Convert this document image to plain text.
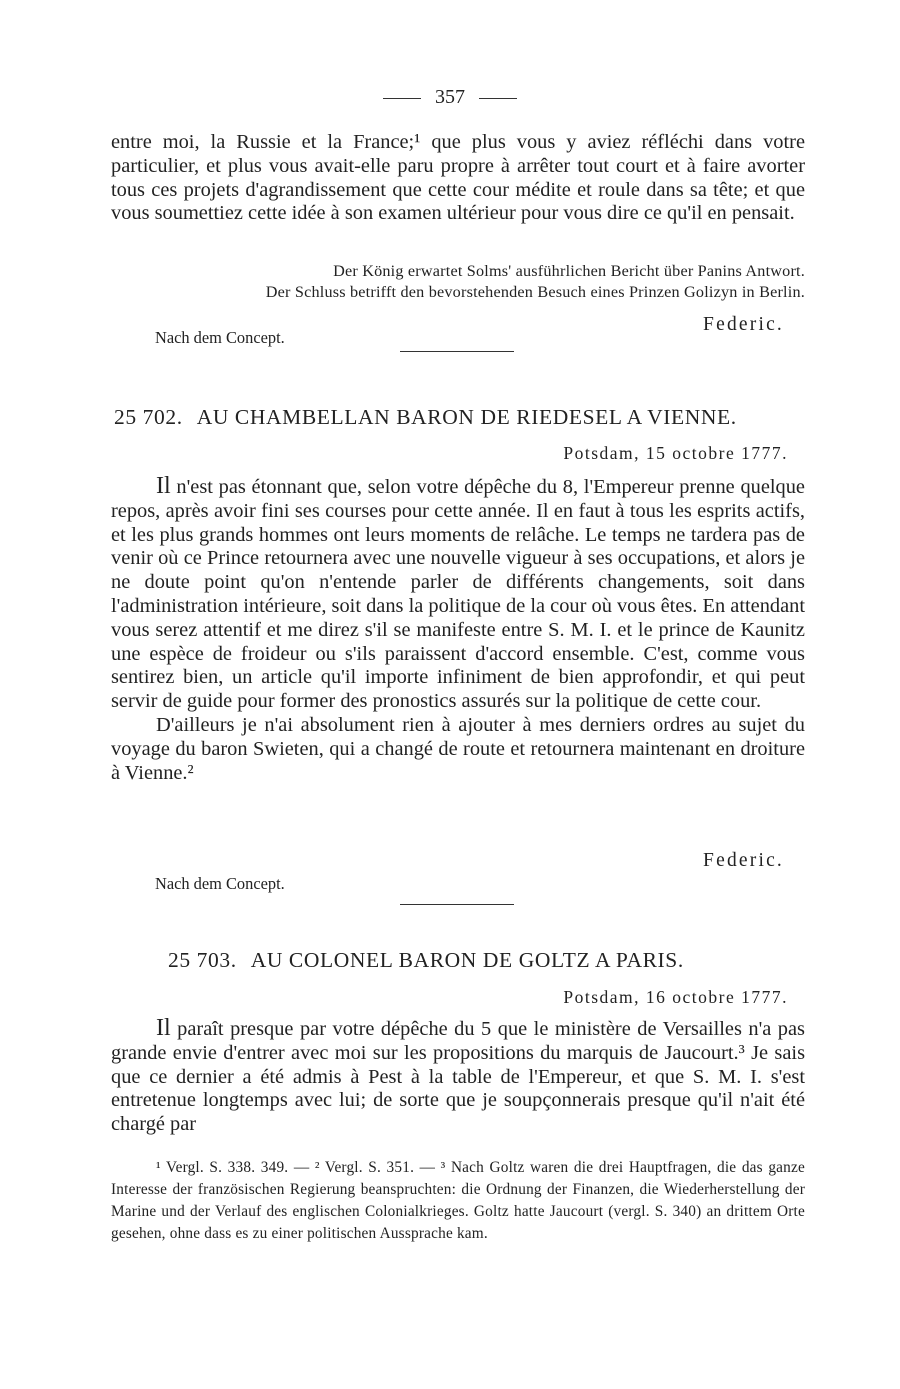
357

entre moi, la Russie et la France;¹ que plus vous y aviez réfléchi dans votre particulier, et plus vous avait-elle paru propre à arrêter tout court et à faire avorter tous ces projets d'agrandissement que cette cour médite et roule dans sa tête; et que vous soumettiez cette idée à son examen ultérieur pour vous dire ce qu'il en pensait.

Der König erwartet Solms' ausführlichen Bericht über Panins Antwort.
Der Schluss betrifft den bevorstehenden Besuch eines Prinzen Golizyn in Berlin.
Federic.
Nach dem Concept.
25 702. AU CHAMBELLAN BARON DE RIEDESEL A VIENNE.
Potsdam, 15 octobre 1777.

Il n'est pas étonnant que, selon votre dépêche du 8, l'Empereur prenne quelque repos, après avoir fini ses courses pour cette année. Il en faut à tous les esprits actifs, et les plus grands hommes ont leurs moments de relâche. Le temps ne tardera pas de venir où ce Prince retournera avec une nouvelle vigueur à ses occupations, et alors je ne doute point qu'on n'entende parler de différents changements, soit dans l'administration intérieure, soit dans la politique de la cour où vous êtes. En attendant vous serez attentif et me direz s'il se manifeste entre S. M. I. et le prince de Kaunitz une espèce de froideur ou s'ils paraissent d'accord ensemble. C'est, comme vous sentirez bien, un article qu'il importe infiniment de bien approfondir, et qui peut servir de guide pour former des pronostics assurés sur la politique de cette cour.

D'ailleurs je n'ai absolument rien à ajouter à mes derniers ordres au sujet du voyage du baron Swieten, qui a changé de route et retournera maintenant en droiture à Vienne.²

Federic.
Nach dem Concept.
25 703. AU COLONEL BARON DE GOLTZ A PARIS.
Potsdam, 16 octobre 1777.

Il paraît presque par votre dépêche du 5 que le ministère de Versailles n'a pas grande envie d'entrer avec moi sur les propositions du marquis de Jaucourt.³ Je sais que ce dernier a été admis à Pest à la table de l'Empereur, et que S. M. I. s'est entretenue longtemps avec lui; de sorte que je soupçonnerais presque qu'il n'ait été chargé par

¹ Vergl. S. 338. 349. — ² Vergl. S. 351. — ³ Nach Goltz waren die drei Hauptfragen, die das ganze Interesse der französischen Regierung beanspruchten: die Ordnung der Finanzen, die Wiederherstellung der Marine und der Verlauf des englischen Colonialkrieges. Goltz hatte Jaucourt (vergl. S. 340) an drittem Orte gesehen, ohne dass es zu einer politischen Aussprache kam.
